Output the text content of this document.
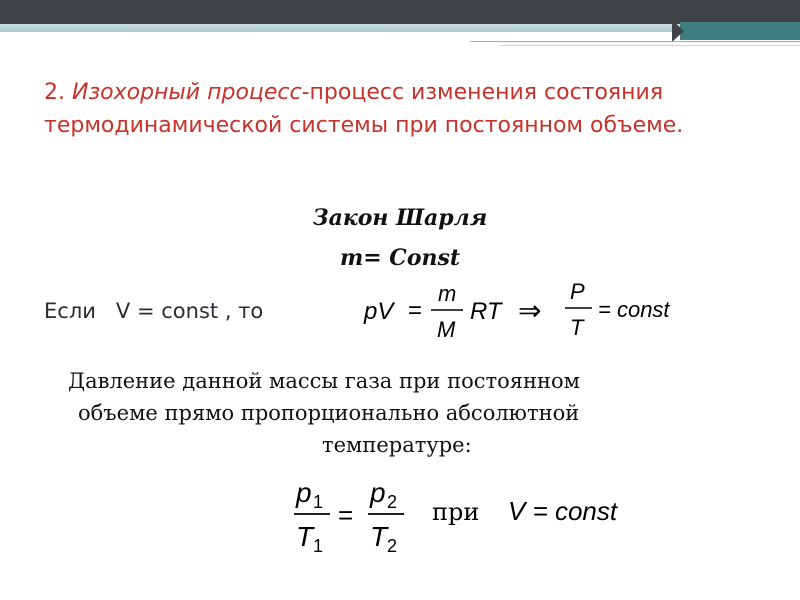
2. Изохорный процесс-процесс изменения состояния термодинамической системы при постоянном объеме.
Закон Шарля
m= Const
Если V = const , то	pV =
m
M
RT ⇒
P
T
= const
Давление данной массы газа при постоянном
объеме прямо пропорционально абсолютной
температуре:
p 1
T 1
=
p 2
T 2
при V = const
